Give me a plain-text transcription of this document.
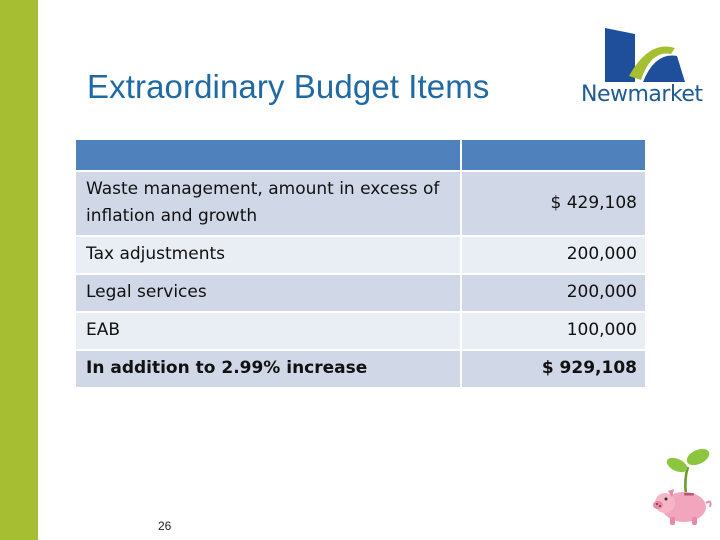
Extraordinary Budget Items	Newmarket

Waste management, amount in excess of inflation and growth	$ 429,108
Tax adjustments	200,000
Legal services	200,000
EAB	100,000
In addition to 2.99% increase	$ 929,108
26
